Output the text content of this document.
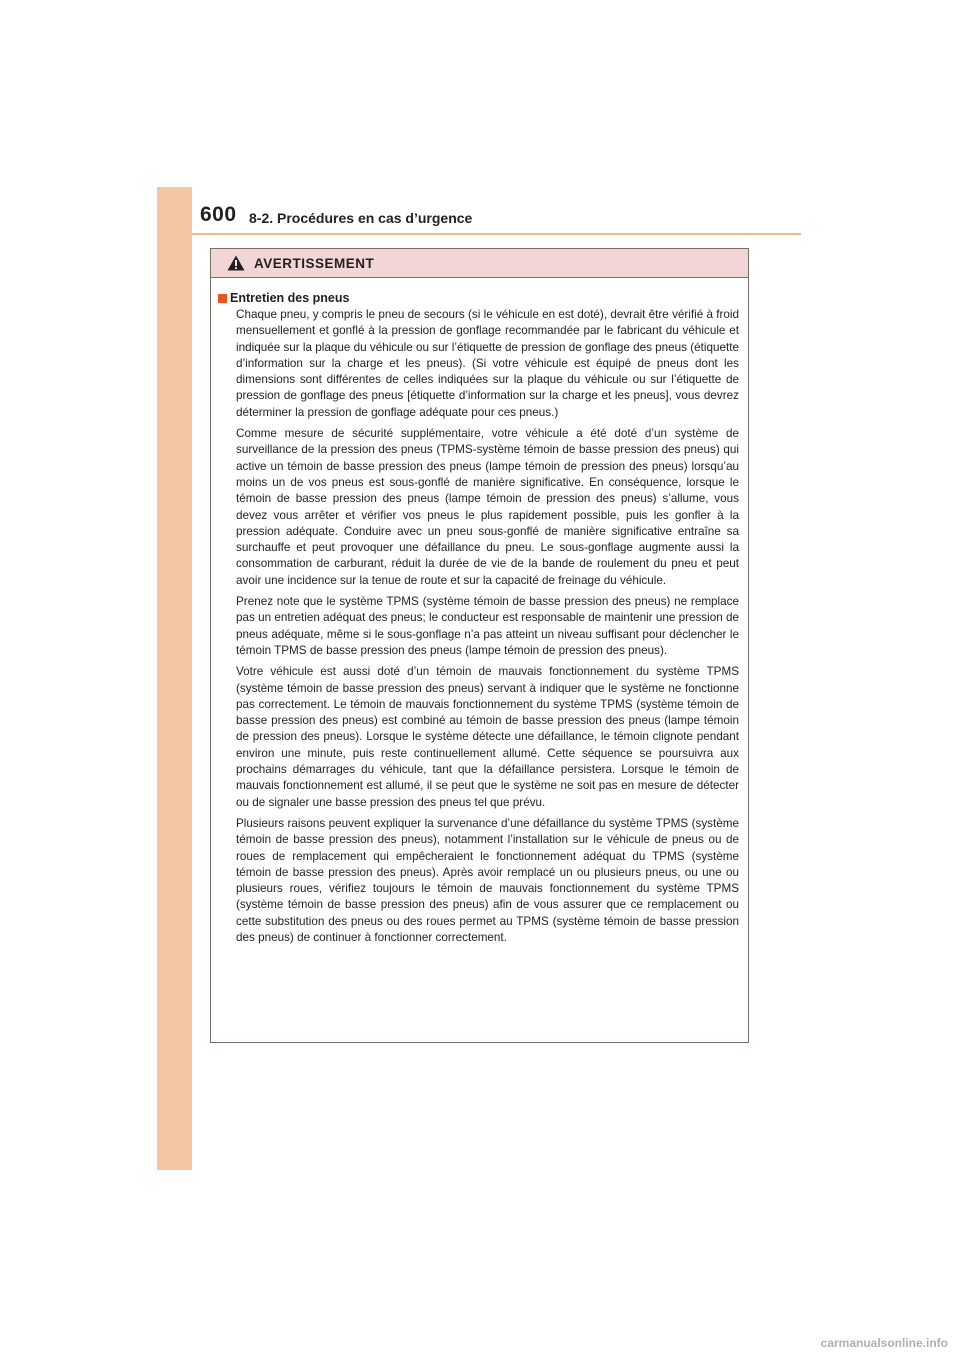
600 8-2. Procédures en cas d’urgence
AVERTISSEMENT
Entretien des pneus

Chaque pneu, y compris le pneu de secours (si le véhicule en est doté), devrait être vérifié à froid mensuellement et gonflé à la pression de gonflage recommandée par le fabricant du véhicule et indiquée sur la plaque du véhicule ou sur l’étiquette de pression de gonflage des pneus (étiquette d’information sur la charge et les pneus). (Si votre véhicule est équipé de pneus dont les dimensions sont différentes de celles indiquées sur la plaque du véhicule ou sur l’étiquette de pression de gonflage des pneus [étiquette d’information sur la charge et les pneus], vous devrez déterminer la pression de gonflage adéquate pour ces pneus.)

Comme mesure de sécurité supplémentaire, votre véhicule a été doté d’un système de surveillance de la pression des pneus (TPMS-système témoin de basse pression des pneus) qui active un témoin de basse pression des pneus (lampe témoin de pression des pneus) lorsqu’au moins un de vos pneus est sous-gonflé de manière significative. En conséquence, lorsque le témoin de basse pression des pneus (lampe témoin de pression des pneus) s’allume, vous devez vous arrêter et vérifier vos pneus le plus rapidement possible, puis les gonfler à la pression adéquate. Conduire avec un pneu sous-gonflé de manière significative entraîne sa surchauffe et peut provoquer une défaillance du pneu. Le sous-gonflage augmente aussi la consommation de carburant, réduit la durée de vie de la bande de roulement du pneu et peut avoir une incidence sur la tenue de route et sur la capacité de freinage du véhicule.

Prenez note que le système TPMS (système témoin de basse pression des pneus) ne remplace pas un entretien adéquat des pneus; le conducteur est responsable de maintenir une pression de pneus adéquate, même si le sous-gonflage n’a pas atteint un niveau suffisant pour déclencher le témoin TPMS de basse pression des pneus (lampe témoin de pression des pneus).

Votre véhicule est aussi doté d’un témoin de mauvais fonctionnement du système TPMS (système témoin de basse pression des pneus) servant à indiquer que le système ne fonctionne pas correctement. Le témoin de mauvais fonctionnement du système TPMS (système témoin de basse pression des pneus) est combiné au témoin de basse pression des pneus (lampe témoin de pression des pneus). Lorsque le système détecte une défaillance, le témoin clignote pendant environ une minute, puis reste continuellement allumé. Cette séquence se poursuivra aux prochains démarrages du véhicule, tant que la défaillance persistera. Lorsque le témoin de mauvais fonctionnement est allumé, il se peut que le système ne soit pas en mesure de détecter ou de signaler une basse pression des pneus tel que prévu.

Plusieurs raisons peuvent expliquer la survenance d’une défaillance du système TPMS (système témoin de basse pression des pneus), notamment l’installation sur le véhicule de pneus ou de roues de remplacement qui empêcheraient le fonctionnement adéquat du TPMS (système témoin de basse pression des pneus). Après avoir remplacé un ou plusieurs pneus, ou une ou plusieurs roues, vérifiez toujours le témoin de mauvais fonctionnement du système TPMS (système témoin de basse pression des pneus) afin de vous assurer que ce remplacement ou cette substitution des pneus ou des roues permet au TPMS (système témoin de basse pression des pneus) de continuer à fonctionner correctement.

carmanualsonline.info
